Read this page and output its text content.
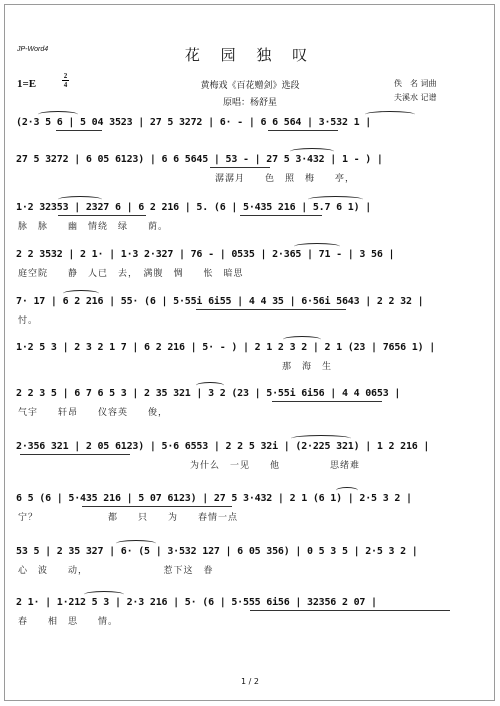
JP-Word4	花 园 独 叹
1=E
2
4	黄梅戏《百花赠剑》选段
原唱：杨舒星
佚　名 词曲
夫溪水 记谱
(2·3 5 6 | 5 04 3523 | 27 5 3272 | 6· - | 6 6 564 | 3·532 1 |
27 5 3272 | 6 05 6123) | 6 6 5645 | 53 - | 27 5 3·432 | 1 - ) |
潺潺月　　色　照　梅　　亭，
1·2 32353 | 2327 6 | 6 2 216 | 5. (6 | 5·435 216 | 5.7 6 1) |
脉　脉　　幽　情绕　绿　　荫。
2 2 3532 | 2 1· | 1·3 2·327 | 76 - | 0535 | 2·365 | 71 - | 3 56 |
庭空院　　静　人已　去，　满腹　惆　　怅　暗思
7· 17 | 6 2 216 | 55· (6 | 5·55i 6i55 | 4 4 35 | 6·56i 5643 | 2 2 32 |
忖。
1·2 5 3 | 2 3 2 1 7 | 6 2 216 | 5· - ) | 2 1 2 3 2 | 2 1 (23 | 7656 1) |
那　海　生
2 2 3 5 | 6 7 6 5 3 | 2 35 321 | 3 2 (23 | 5·55i 6i56 | 4 4 0653 |
气宇　　轩昂　　仪容英　　俊，
2·356 321 | 2 05 6123) | 5·6 6553 | 2 2 5 32i | (2·225 321) | 1 2 216 |
为什么　一见　　他　　　　　思绪难
6 5 (6 | 5·435 216 | 5 07 6123) | 27 5 3·432 | 2 1 (6 1) | 2·5 3 2 |
宁？　　　　　　　都　　只　　为　　春情一点
53 5 | 2 35 327 | 6· (5 | 3·532 127 | 6 05 356) | 0 5 3 5 | 2·5 3 2 |
心　波　　动，　　　　　　　　惹下这　眷
2 1· | 1·212 5 3 | 2·3 216 | 5· (6 | 5·555 6i56 | 32356 2 07 |
春　　相　思　　情。
1 / 2
